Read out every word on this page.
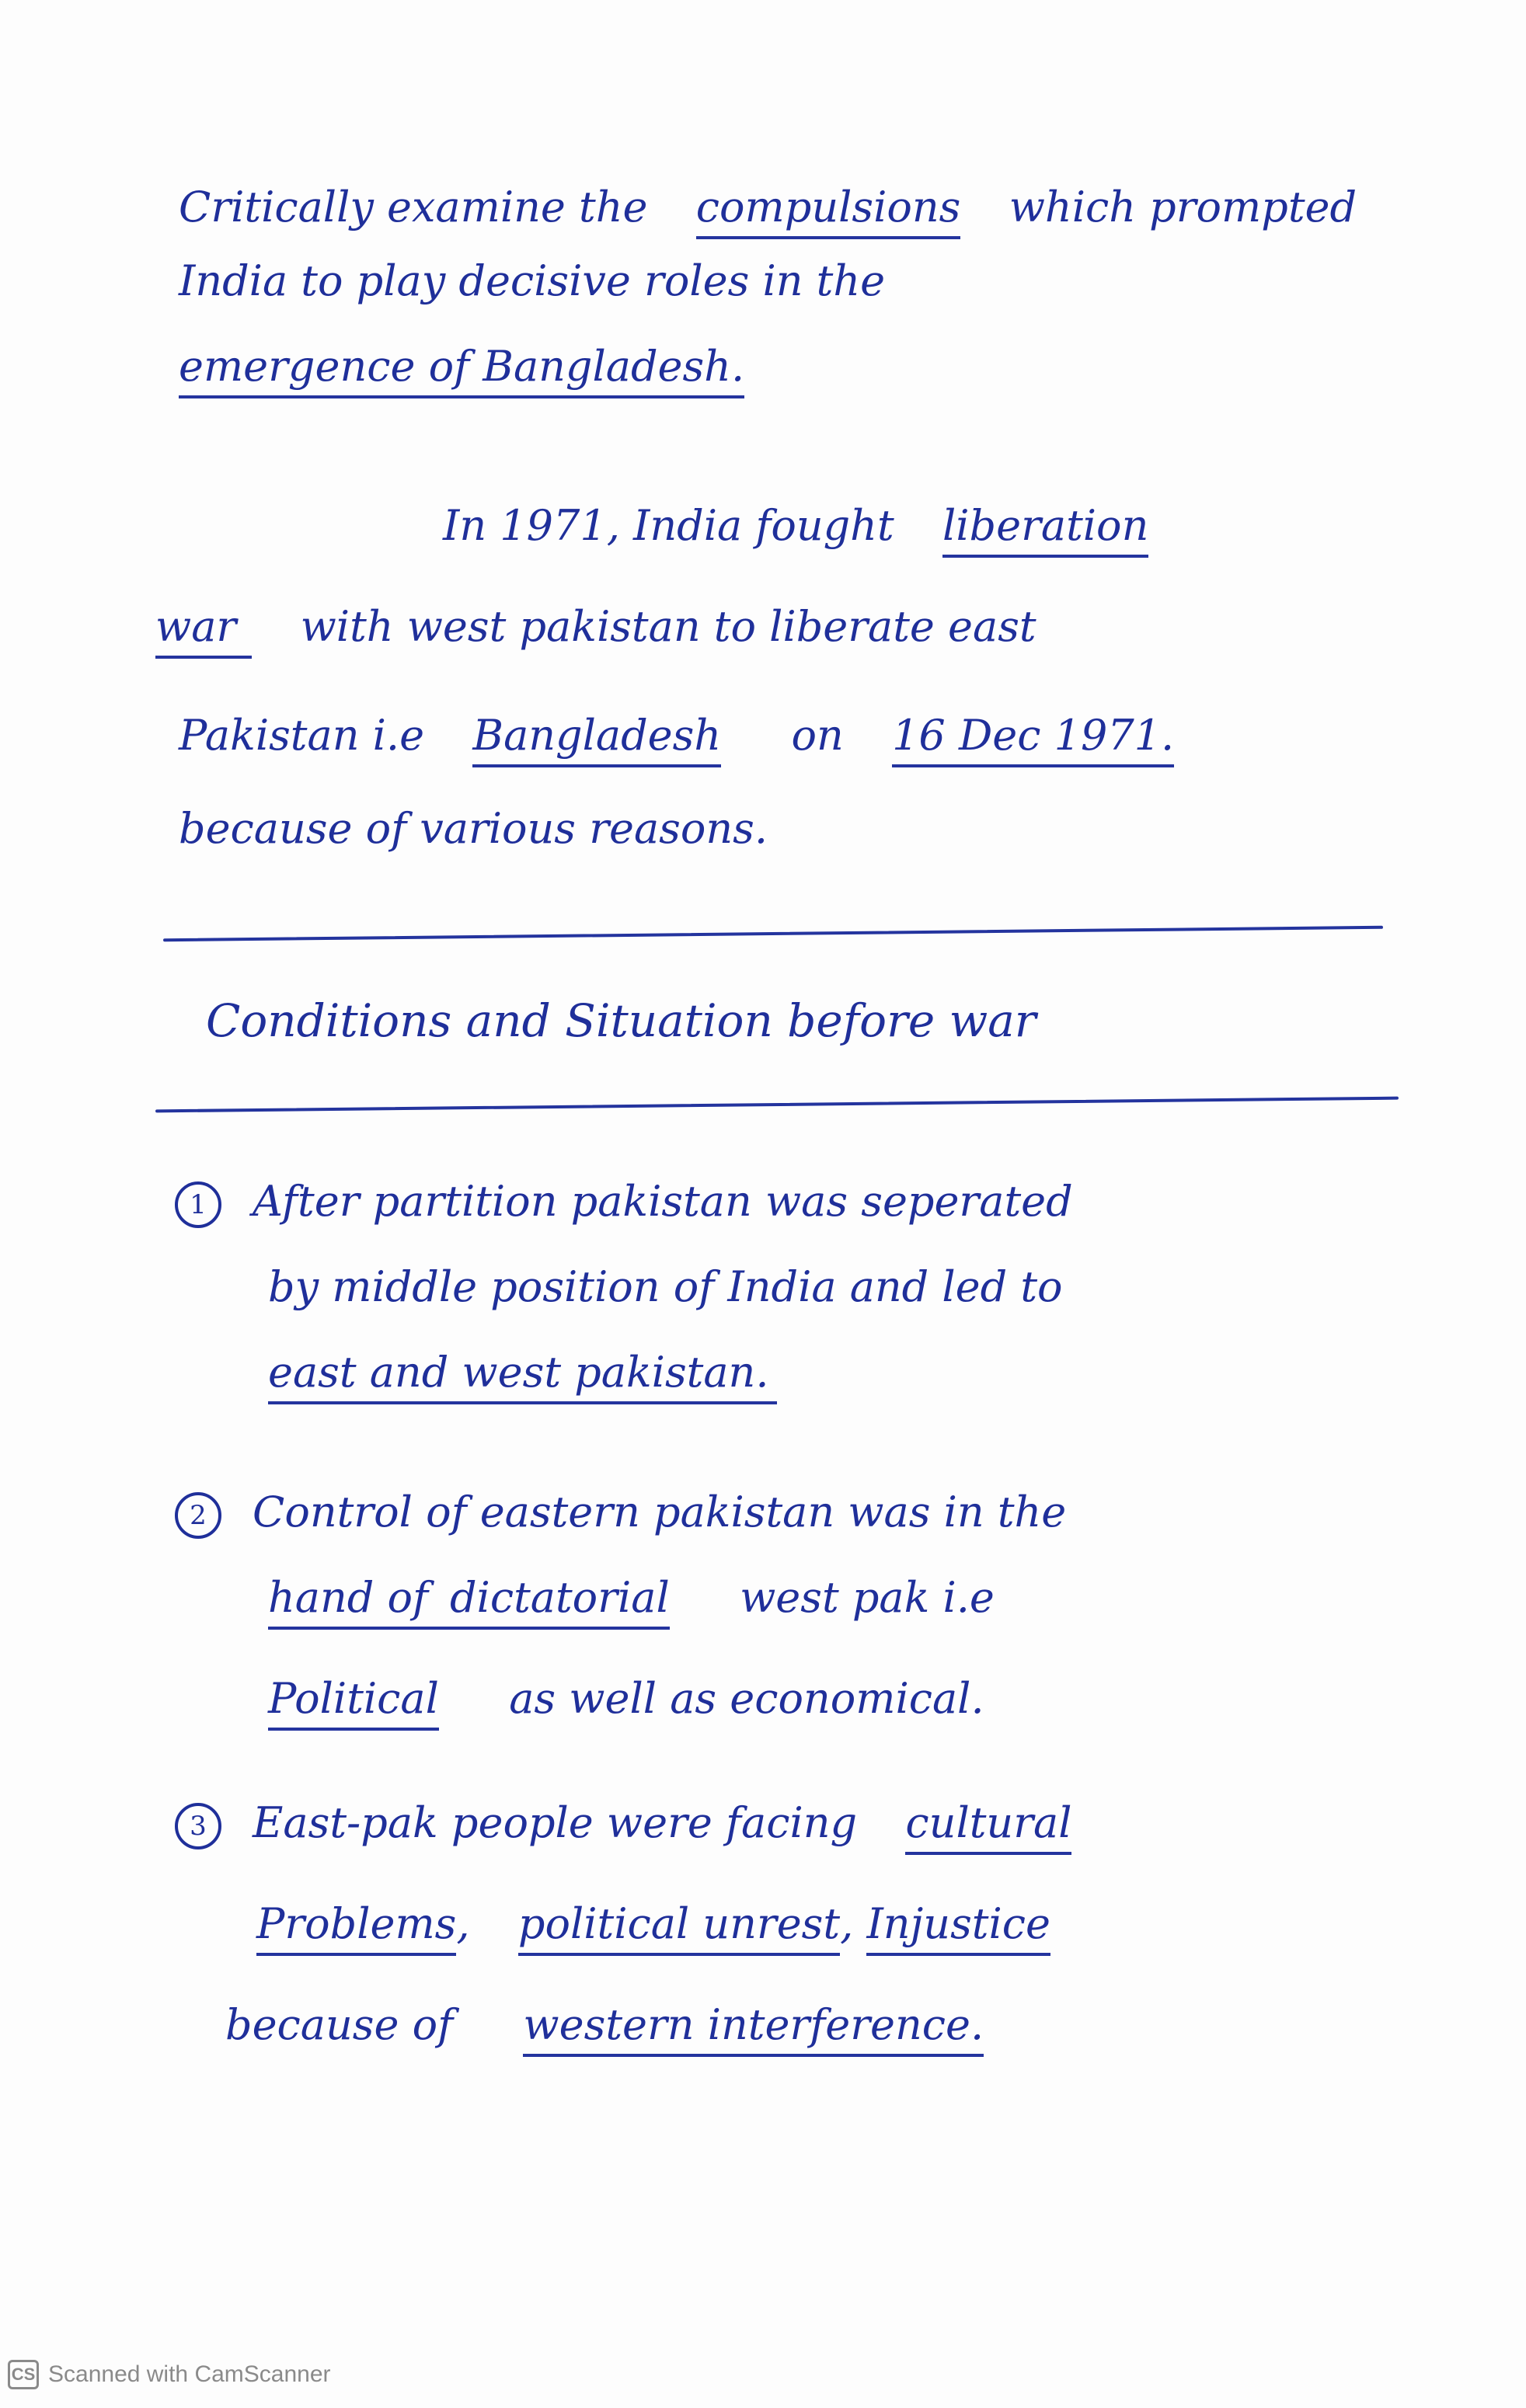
Critically examine the compulsions which prompted
India to play decisive roles in the
emergence of Bangladesh.
In 1971, India fought liberation
war with west pakistan to liberate east
Pakistan i.e Bangladesh on 16 Dec 1971.
because of various reasons.
Conditions and Situation before war
1 After partition pakistan was seperated
by middle position of India and led to
east and west pakistan.
2 Control of eastern pakistan was in the
hand of dictatorial west pak i.e
Political as well as economical.
3 East-pak people were facing cultural
Problems, political unrest, Injustice
because of western interference.
CS Scanned with CamScanner
